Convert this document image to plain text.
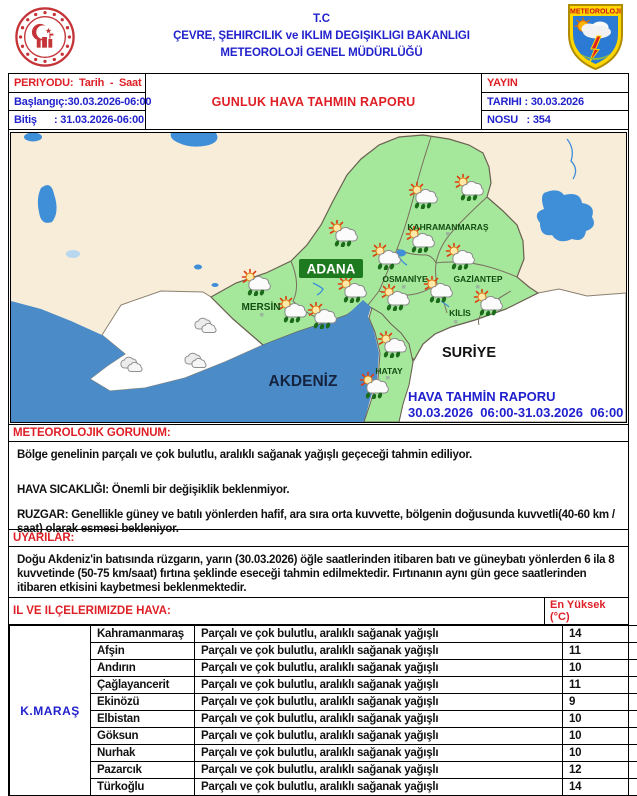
T.C
ÇEVRE, ŞEHIRCILIK ve IKLIM DEGIŞIKLIGI BAKANLIGI
METEOROLOJİ GENEL MÜDÜRLÜĞÜ
METEOROLOJI
PERIYODU:  Tarih  -  Saat
Başlangıç:30.03.2026-06:00
Bitiş      : 31.03.2026-06:00
GUNLUK HAVA TAHMIN RAPORU
YAYIN
TARIHI : 30.03.2026
NOSU   : 354
ADANA
MERSİN
OSMANİYE
KAHRAMANMARAŞ
GAZİANTEP
KİLİS
HATAY
SURİYE
AKDENİZ
HAVA TAHMİN RAPORU
30.03.2026  06:00-31.03.2026  06:00
METEOROLOJIK GORUNUM:

Bölge genelinin parçalı ve çok bulutlu, aralıklı sağanak yağışlı geçeceği tahmin ediliyor.

HAVA SICAKLIĞI: Önemli bir değişiklik beklenmiyor.

RUZGAR: Genellikle güney ve batılı yönlerden hafif, ara sıra orta kuvvette, bölgenin doğusunda kuvvetli(40-60 km / saat) olarak esmesi bekleniyor.

UYARILAR:

Doğu Akdeniz'in batısında rüzgarın, yarın (30.03.2026) öğle saatlerinden itibaren batı ve güneybatı yönlerden 6 ila 8 kuvvetinde (50-75 km/saat) fırtına şeklinde eseceği tahmin edilmektedir. Fırtınanın aynı gün gece saatlerinden itibaren etkisini kaybetmesi beklenmektedir.

IL VE ILÇELERIMIZDE HAVA:	En Yüksek
(°C)
K.MARAŞ	Kahramanmaraş	Parçalı ve çok bulutlu, aralıklı sağanak yağışlı	14
	Afşin	Parçalı ve çok bulutlu, aralıklı sağanak yağışlı	11
	Andırın	Parçalı ve çok bulutlu, aralıklı sağanak yağışlı	10
	Çağlayancerit	Parçalı ve çok bulutlu, aralıklı sağanak yağışlı	11
	Ekinözü	Parçalı ve çok bulutlu, aralıklı sağanak yağışlı	9
	Elbistan	Parçalı ve çok bulutlu, aralıklı sağanak yağışlı	10
	Göksun	Parçalı ve çok bulutlu, aralıklı sağanak yağışlı	10
	Nurhak	Parçalı ve çok bulutlu, aralıklı sağanak yağışlı	10
	Pazarcık	Parçalı ve çok bulutlu, aralıklı sağanak yağışlı	12
	Türkoğlu	Parçalı ve çok bulutlu, aralıklı sağanak yağışlı	14
